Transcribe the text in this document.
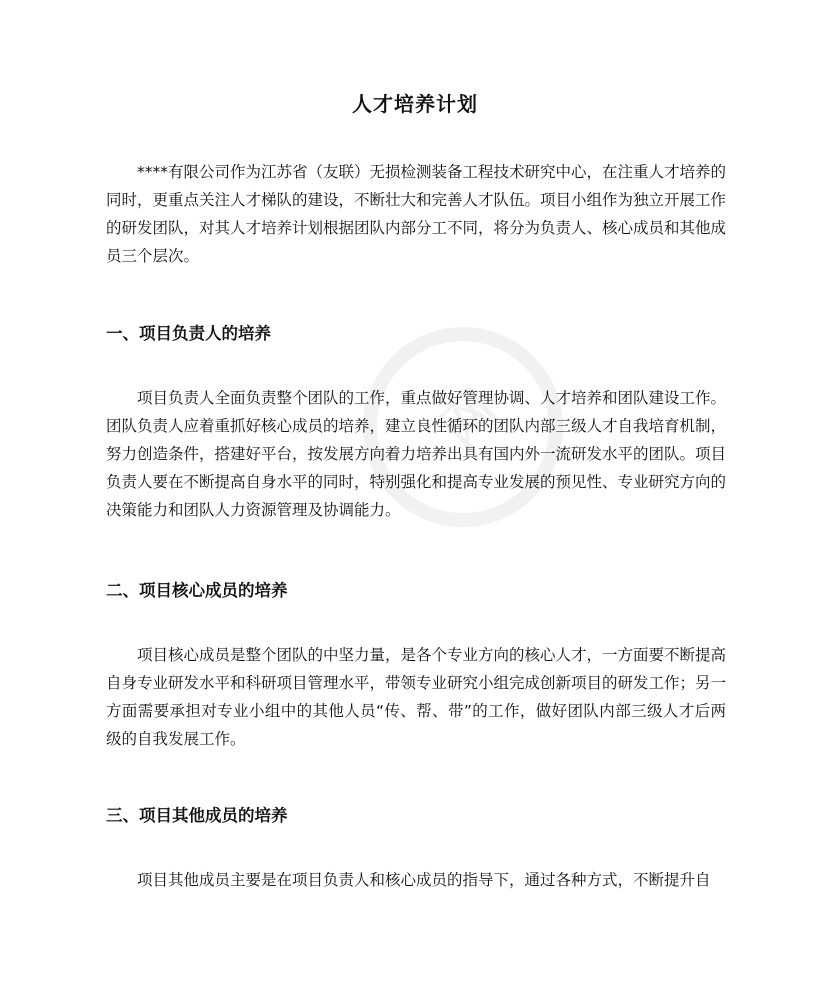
网
人才培养计划

****有限公司作为江苏省（友联）无损检测装备工程技术研究中心，在注重人才培养的同时，更重点关注人才梯队的建设，不断壮大和完善人才队伍。项目小组作为独立开展工作的研发团队，对其人才培养计划根据团队内部分工不同，将分为负责人、核心成员和其他成员三个层次。

一、项目负责人的培养

项目负责人全面负责整个团队的工作，重点做好管理协调、人才培养和团队建设工作。团队负责人应着重抓好核心成员的培养，建立良性循环的团队内部三级人才自我培育机制，努力创造条件，搭建好平台，按发展方向着力培养出具有国内外一流研发水平的团队。项目负责人要在不断提高自身水平的同时，特别强化和提高专业发展的预见性、专业研究方向的决策能力和团队人力资源管理及协调能力。

二、项目核心成员的培养

项目核心成员是整个团队的中坚力量，是各个专业方向的核心人才，一方面要不断提高自身专业研发水平和科研项目管理水平，带领专业研究小组完成创新项目的研发工作；另一方面需要承担对专业小组中的其他人员“传、帮、带”的工作，做好团队内部三级人才后两级的自我发展工作。

三、项目其他成员的培养

项目其他成员主要是在项目负责人和核心成员的指导下，通过各种方式，不断提升自
